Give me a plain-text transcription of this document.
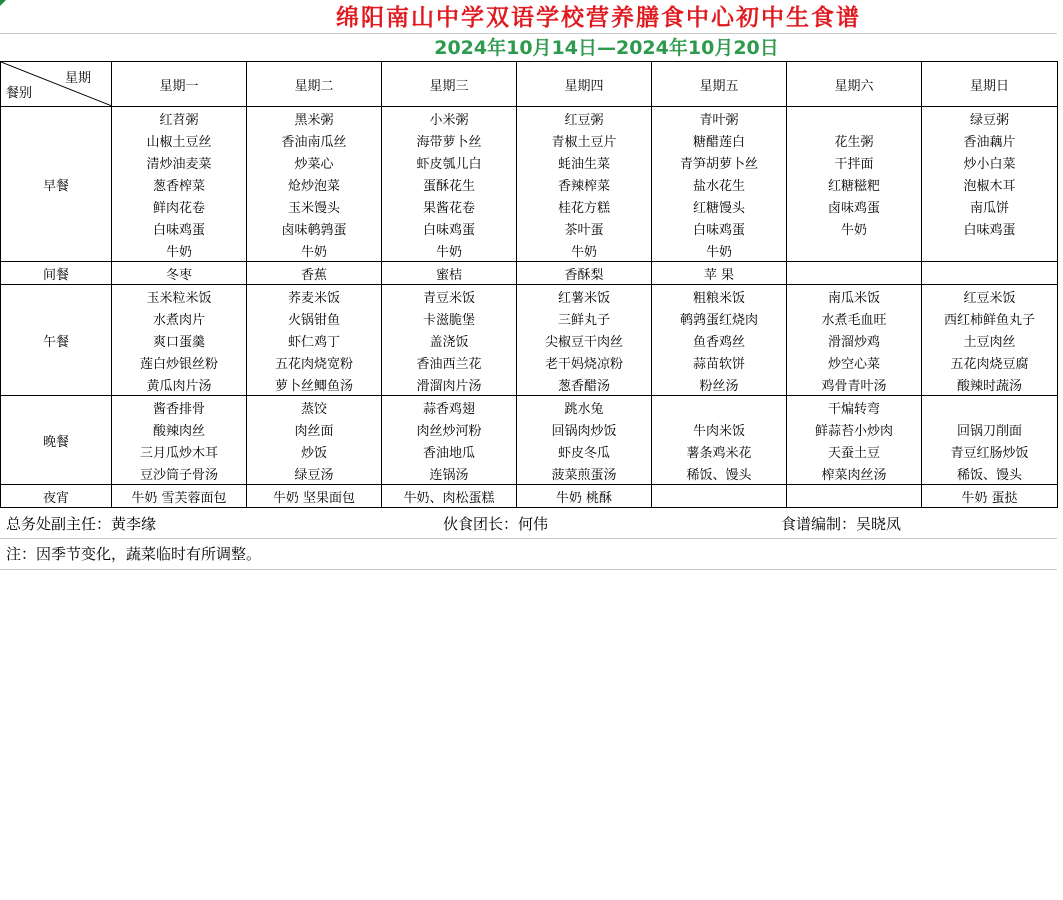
绵阳南山中学双语学校营养膳食中心初中生食谱
2024年10月14日—2024年10月20日
星期
餐别	星期一	星期二	星期三	星期四	星期五	星期六	星期日
早餐	红苕粥	黑米粥	小米粥	红豆粥	青叶粥		绿豆粥
	山椒土豆丝	香油南瓜丝	海带萝卜丝	青椒土豆片	糖醋莲白	花生粥	香油藕片
	清炒油麦菜	炒菜心	虾皮瓠儿白	蚝油生菜	青笋胡萝卜丝	干拌面	炒小白菜
	葱香榨菜	炝炒泡菜	蛋酥花生	香辣榨菜	盐水花生	红糖糍粑	泡椒木耳
	鲜肉花卷	玉米馒头	果酱花卷	桂花方糕	红糖馒头	卤味鸡蛋	南瓜饼
	白味鸡蛋	卤味鹌鹑蛋	白味鸡蛋	茶叶蛋	白味鸡蛋	牛奶	白味鸡蛋
	牛奶	牛奶	牛奶	牛奶	牛奶		
间餐	冬枣	香蕉	蜜桔	香酥梨	苹 果		
午餐	玉米粒米饭	荞麦米饭	青豆米饭	红薯米饭	粗粮米饭	南瓜米饭	红豆米饭
	水煮肉片	火锅钳鱼	卡滋脆堡	三鲜丸子	鹌鹑蛋红烧肉	水煮毛血旺	西红柿鲜鱼丸子
	爽口蛋羹	虾仁鸡丁	盖浇饭	尖椒豆干肉丝	鱼香鸡丝	滑溜炒鸡	土豆肉丝
	莲白炒银丝粉	五花肉烧宽粉	香油西兰花	老干妈烧凉粉	蒜苗软饼	炒空心菜	五花肉烧豆腐
	黄瓜肉片汤	萝卜丝鲫鱼汤	滑溜肉片汤	葱香醋汤	粉丝汤	鸡骨青叶汤	酸辣时蔬汤
晚餐	酱香排骨	蒸饺	蒜香鸡翅	跳水兔		干煸转弯	
	酸辣肉丝	肉丝面	肉丝炒河粉	回锅肉炒饭	牛肉米饭	鲜蒜苔小炒肉	回锅刀削面
	三月瓜炒木耳	炒饭	香油地瓜	虾皮冬瓜	薯条鸡米花	天蚕土豆	青豆红肠炒饭
	豆沙筒子骨汤	绿豆汤	连锅汤	菠菜煎蛋汤	稀饭、馒头	榨菜肉丝汤	稀饭、馒头
夜宵	牛奶 雪芙蓉面包	牛奶 坚果面包	牛奶、肉松蛋糕	牛奶 桃酥			牛奶 蛋挞
总务处副主任：黄李缘	伙食团长：何伟	食谱编制：吴晓凤
注：因季节变化，蔬菜临时有所调整。
